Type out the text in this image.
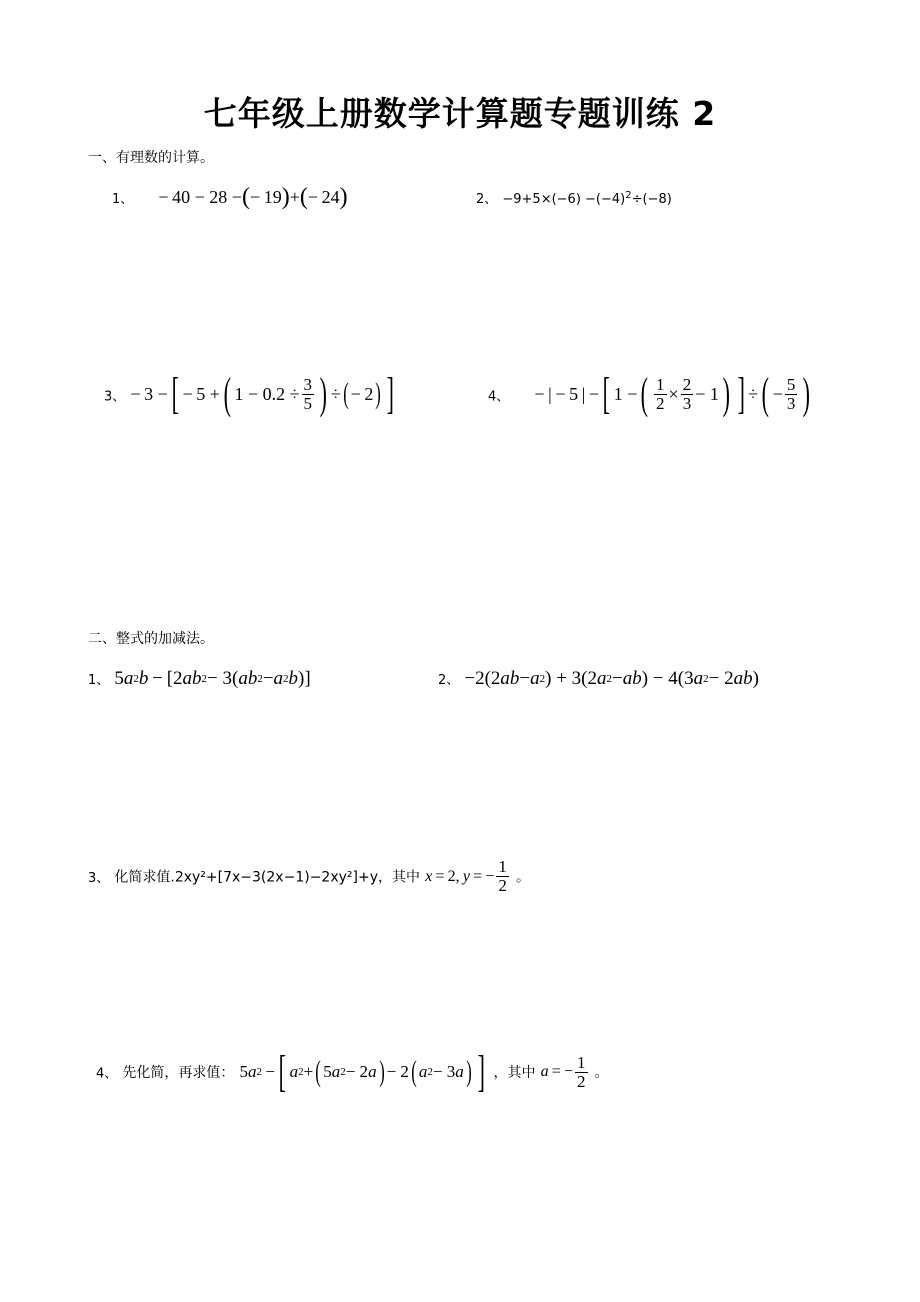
七年级上册数学计算题专题训练 2
一、有理数的计算。
1、 − 40 − 28 − ( − 19 ) + ( − 24 )	2、 $-9+5\times(-6) -(-4)^2\div(-8)$
3、 − 3 − [ − 5 + ( $1 - 0.2 \div \frac{3}{5}$ ) ÷ ( − 2 ) ]	4、 − | − 5 | − [ 1 − ( $\frac{1}{2} \times \frac{2}{3} - 1$ ) ] ÷ ( − $\frac{5}{3}$ )
二、整式的加减法。
1、 5 a 2 b  − [2 ab 2 − 3( ab 2 − a 2 b )]	2、 −2(2 ab − a 2 ) + 3(2 a 2 − ab ) − 4(3 a 2 − 2 ab )
3、 化简求值.2xy²+[7x−3(2x−1)−2xy²]+y，其中 x  = 2,  y  = − $\frac{1}{2}$ 。
4、 先化简，再求值： 5 a 2  − [ a 2 + ( 5 a 2 − 2 a ) − 2 ( a 2 − 3 a ) ] ，其中 a  = − $\frac{1}{2}$ 。
